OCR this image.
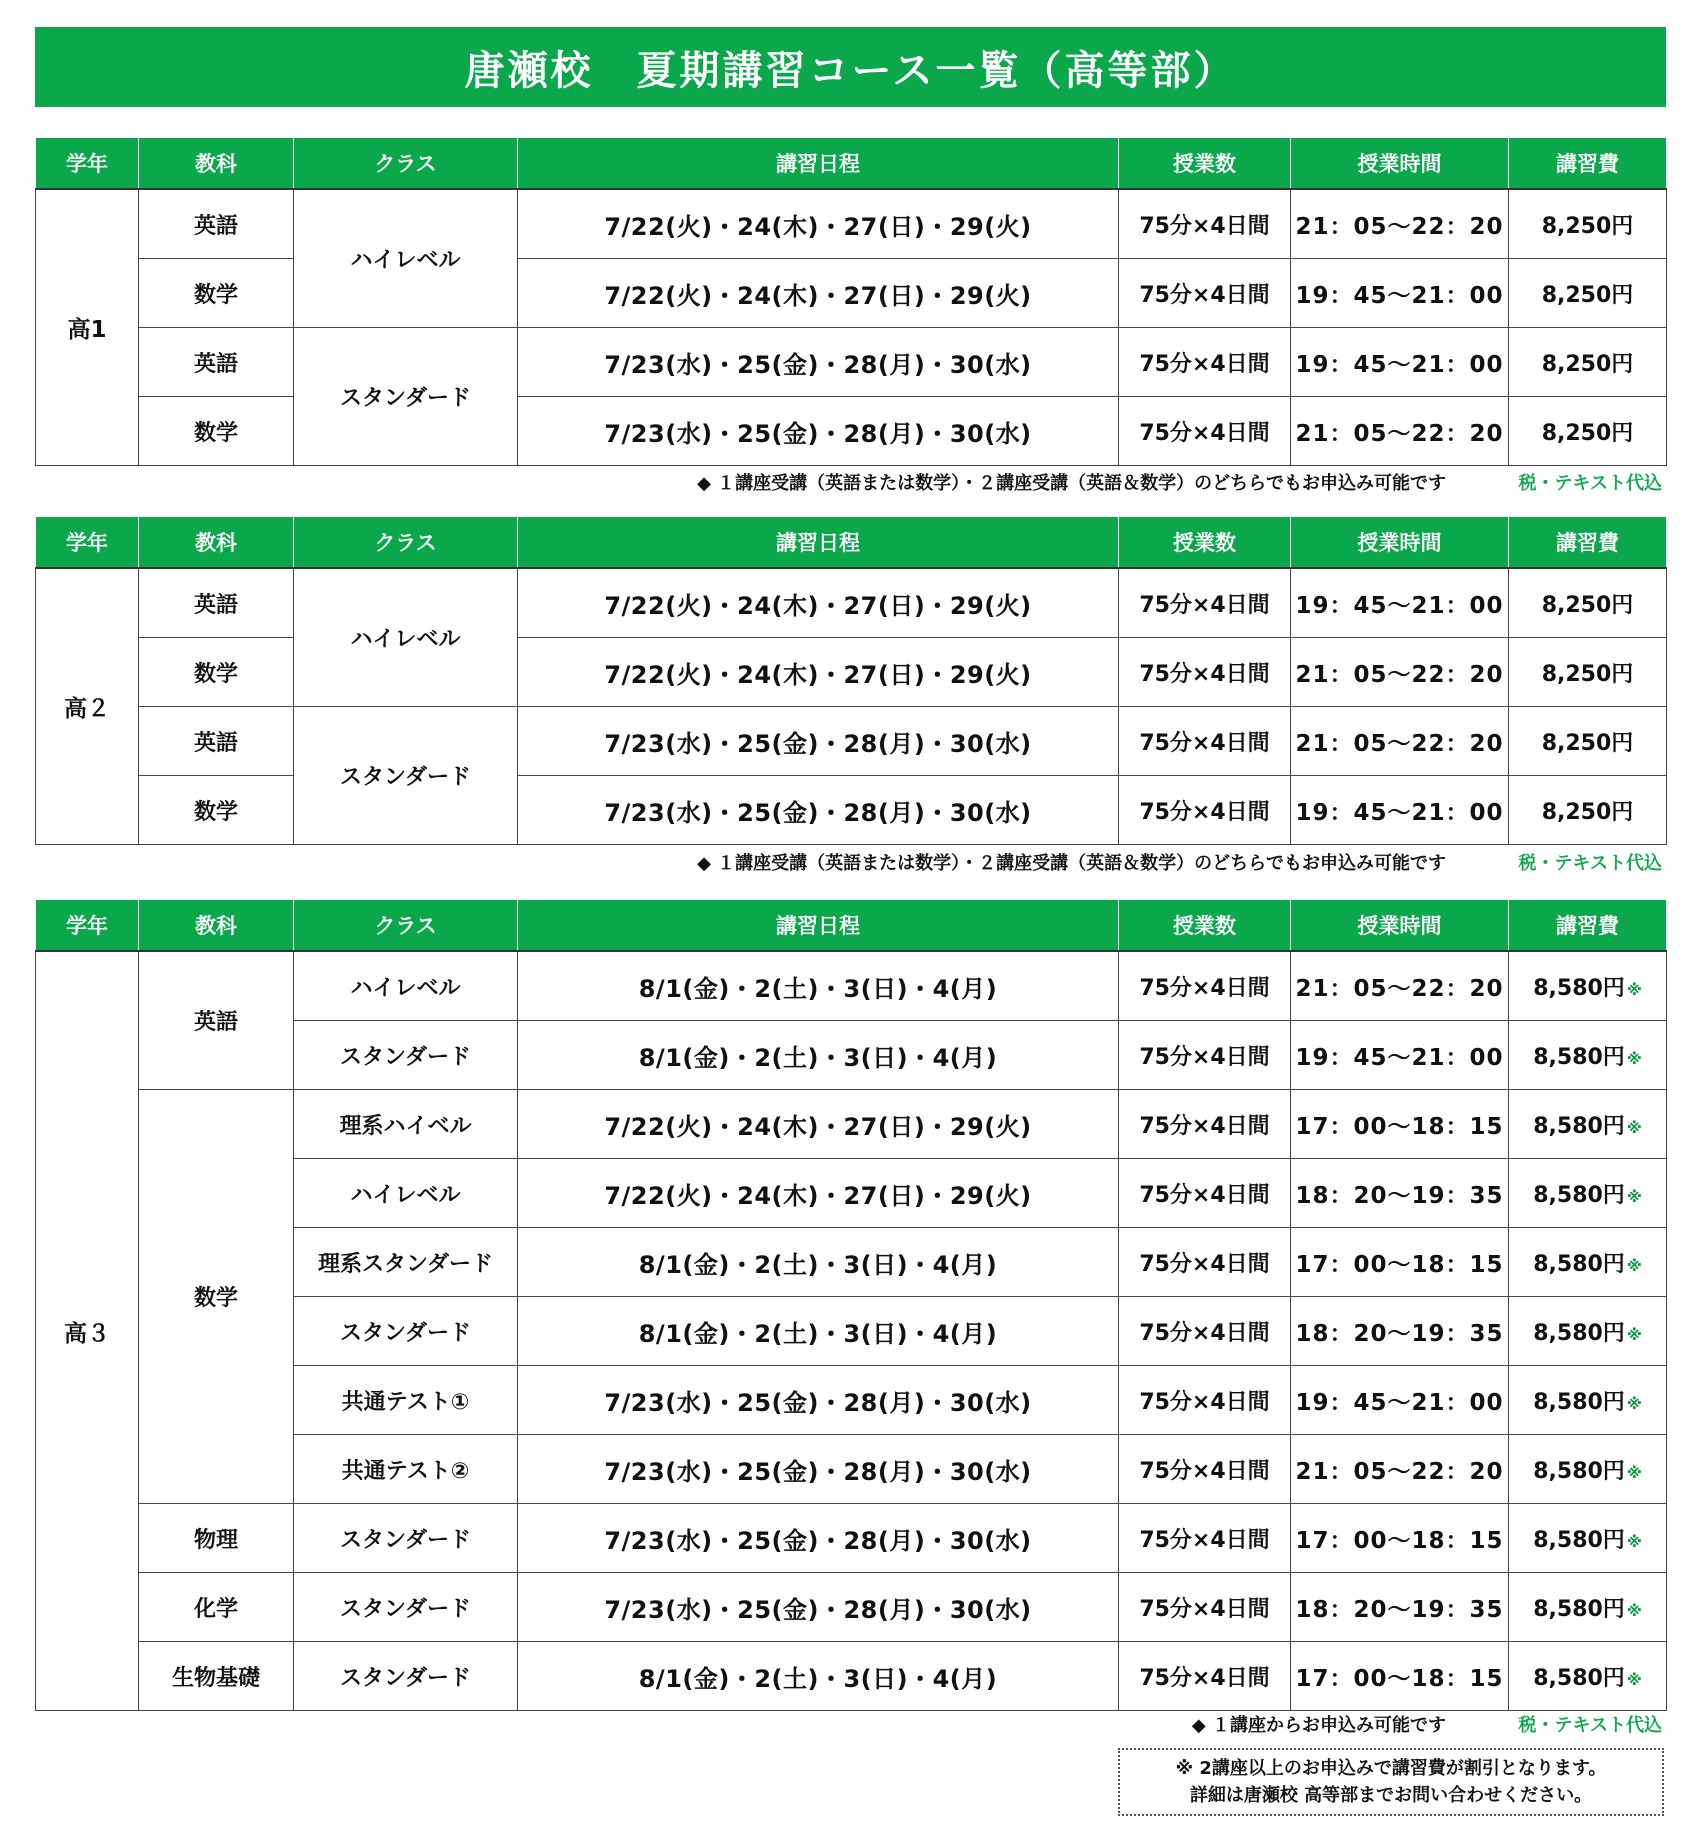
唐瀬校　夏期講習コース一覧（高等部）
学年	教科	クラス	講習日程	授業数	授業時間	講習費
高1	英語	ハイレベル	7/22(火)・24(木)・27(日)・29(火)	75分×4日間	21：05～22：20	8,250円
	数学		7/22(火)・24(木)・27(日)・29(火)	75分×4日間	19：45～21：00	8,250円
	英語	スタンダード	7/23(水)・25(金)・28(月)・30(水)	75分×4日間	19：45～21：00	8,250円
	数学		7/23(水)・25(金)・28(月)・30(水)	75分×4日間	21：05～22：20	8,250円
◆ １講座受講（英語または数学）・２講座受講（英語＆数学）のどちらでもお申込み可能です	税・テキスト代込
学年	教科	クラス	講習日程	授業数	授業時間	講習費
高２	英語	ハイレベル	7/22(火)・24(木)・27(日)・29(火)	75分×4日間	19：45～21：00	8,250円
	数学		7/22(火)・24(木)・27(日)・29(火)	75分×4日間	21：05～22：20	8,250円
	英語	スタンダード	7/23(水)・25(金)・28(月)・30(水)	75分×4日間	21：05～22：20	8,250円
	数学		7/23(水)・25(金)・28(月)・30(水)	75分×4日間	19：45～21：00	8,250円
◆ １講座受講（英語または数学）・２講座受講（英語＆数学）のどちらでもお申込み可能です	税・テキスト代込
学年	教科	クラス	講習日程	授業数	授業時間	講習費
高３	英語	ハイレベル	8/1(金)・2(土)・3(日)・4(月)	75分×4日間	21：05～22：20	8,580円 ※
		スタンダード	8/1(金)・2(土)・3(日)・4(月)	75分×4日間	19：45～21：00	8,580円 ※
	数学	理系ハイベル	7/22(火)・24(木)・27(日)・29(火)	75分×4日間	17：00～18：15	8,580円 ※
		ハイレベル	7/22(火)・24(木)・27(日)・29(火)	75分×4日間	18：20～19：35	8,580円 ※
		理系スタンダード	8/1(金)・2(土)・3(日)・4(月)	75分×4日間	17：00～18：15	8,580円 ※
		スタンダード	8/1(金)・2(土)・3(日)・4(月)	75分×4日間	18：20～19：35	8,580円 ※
		共通テスト①	7/23(水)・25(金)・28(月)・30(水)	75分×4日間	19：45～21：00	8,580円 ※
		共通テスト②	7/23(水)・25(金)・28(月)・30(水)	75分×4日間	21：05～22：20	8,580円 ※
	物理	スタンダード	7/23(水)・25(金)・28(月)・30(水)	75分×4日間	17：00～18：15	8,580円 ※
	化学	スタンダード	7/23(水)・25(金)・28(月)・30(水)	75分×4日間	18：20～19：35	8,580円 ※
	生物基礎	スタンダード	8/1(金)・2(土)・3(日)・4(月)	75分×4日間	17：00～18：15	8,580円 ※
◆ １講座からお申込み可能です	税・テキスト代込
※ 2講座以上のお申込みで講習費が割引となります。
詳細は唐瀬校 高等部までお問い合わせください。
